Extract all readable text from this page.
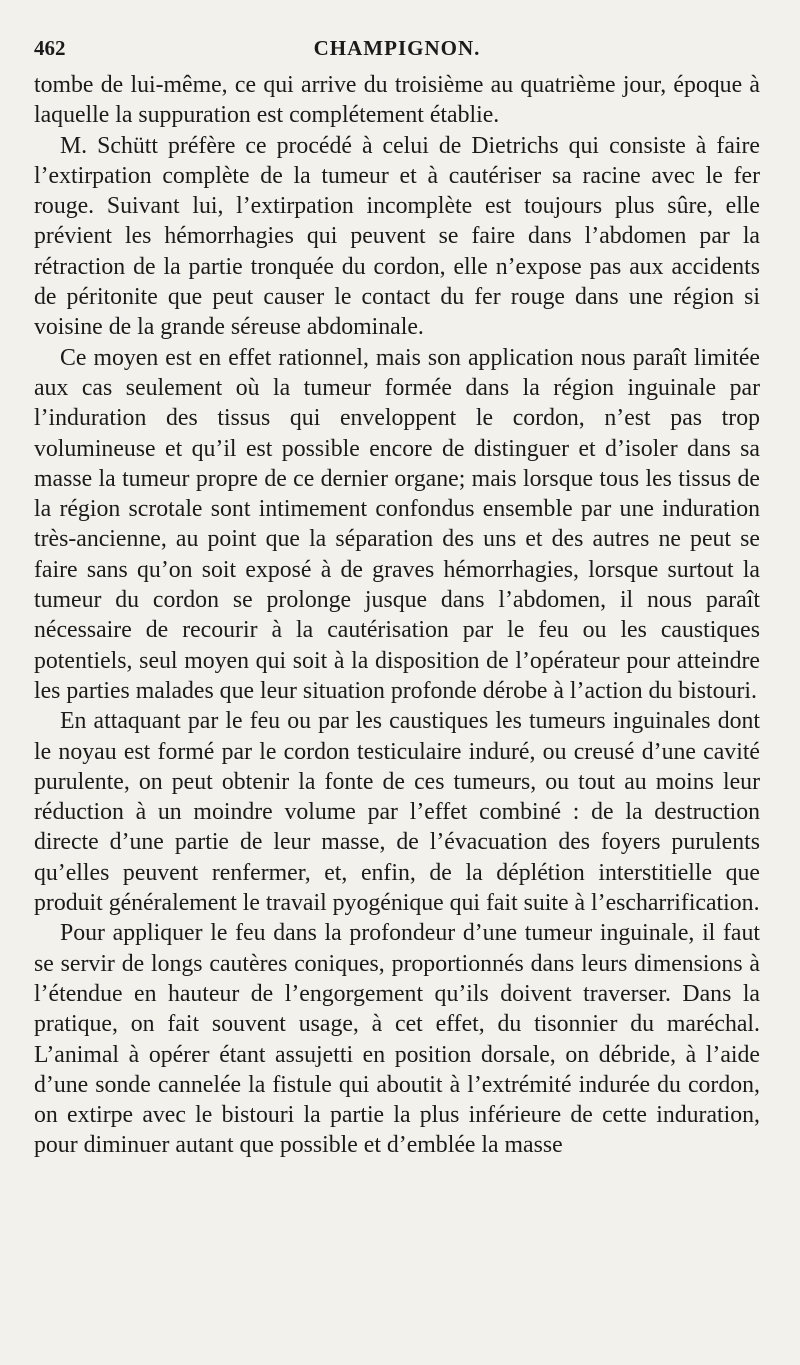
462	CHAMPIGNON.

tombe de lui-même, ce qui arrive du troisième au quatrième jour, époque à laquelle la suppuration est complétement établie.

M. Schütt préfère ce procédé à celui de Dietrichs qui consiste à faire l’extirpation complète de la tumeur et à cautériser sa racine avec le fer rouge. Suivant lui, l’extirpation incomplète est toujours plus sûre, elle prévient les hémorrhagies qui peuvent se faire dans l’abdomen par la rétraction de la partie tronquée du cordon, elle n’expose pas aux accidents de péritonite que peut causer le contact du fer rouge dans une région si voisine de la grande séreuse abdominale.

Ce moyen est en effet rationnel, mais son application nous paraît limitée aux cas seulement où la tumeur formée dans la région inguinale par l’induration des tissus qui enveloppent le cordon, n’est pas trop volumineuse et qu’il est possible encore de distinguer et d’isoler dans sa masse la tumeur propre de ce dernier organe; mais lorsque tous les tissus de la région scrotale sont intimement confondus ensemble par une induration très-ancienne, au point que la séparation des uns et des autres ne peut se faire sans qu’on soit exposé à de graves hémorrhagies, lorsque surtout la tumeur du cordon se prolonge jusque dans l’abdomen, il nous paraît nécessaire de recourir à la cautérisation par le feu ou les caustiques potentiels, seul moyen qui soit à la disposition de l’opérateur pour atteindre les parties malades que leur situation profonde dérobe à l’action du bistouri.

En attaquant par le feu ou par les caustiques les tumeurs inguinales dont le noyau est formé par le cordon testiculaire induré, ou creusé d’une cavité purulente, on peut obtenir la fonte de ces tumeurs, ou tout au moins leur réduction à un moindre volume par l’effet combiné : de la destruction directe d’une partie de leur masse, de l’évacuation des foyers purulents qu’elles peuvent renfermer, et, enfin, de la déplétion interstitielle que produit généralement le travail pyogénique qui fait suite à l’escharrification.

Pour appliquer le feu dans la profondeur d’une tumeur inguinale, il faut se servir de longs cautères coniques, proportionnés dans leurs dimensions à l’étendue en hauteur de l’engorgement qu’ils doivent traverser. Dans la pratique, on fait souvent usage, à cet effet, du tisonnier du maréchal. L’animal à opérer étant assujetti en position dorsale, on débride, à l’aide d’une sonde cannelée la fistule qui aboutit à l’extrémité indurée du cordon, on extirpe avec le bistouri la partie la plus inférieure de cette induration, pour diminuer autant que possible et d’emblée la masse
